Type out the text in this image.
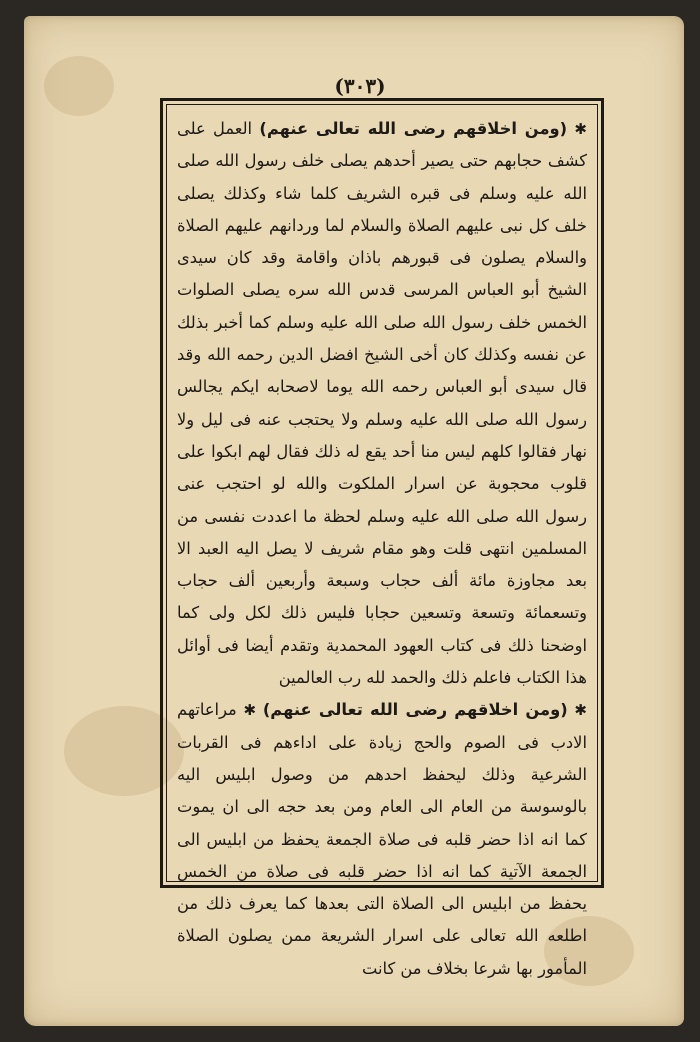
(۳۰۳)

✱ (ومن اخلاقهم رضى الله تعالى عنهم) العمل على كشف حجابهم حتى يصير أحدهم يصلى خلف رسول الله صلى الله عليه وسلم فى قبره الشريف كلما شاء وكذلك يصلى خلف كل نبى عليهم الصلاة والسلام لما وردانهم عليهم الصلاة والسلام يصلون فى قبورهم باذان واقامة وقد كان سيدى الشيخ أبو العباس المرسى قدس الله سره يصلى الصلوات الخمس خلف رسول الله صلى الله عليه وسلم كما أخبر بذلك عن نفسه وكذلك كان أخى الشيخ افضل الدين رحمه الله وقد قال سيدى أبو العباس رحمه الله يوما لاصحابه ايكم يجالس رسول الله صلى الله عليه وسلم ولا يحتجب عنه فى ليل ولا نهار فقالوا كلهم ليس منا أحد يقع له ذلك فقال لهم ابكوا على قلوب محجوبة عن اسرار الملكوت والله لو احتجب عنى رسول الله صلى الله عليه وسلم لحظة ما اعددت نفسى من المسلمين انتهى قلت وهو مقام شريف لا يصل اليه العبد الا بعد مجاوزة مائة ألف حجاب وسبعة وأربعين ألف حجاب وتسعمائة وتسعة وتسعين حجابا فليس ذلك لكل ولى كما اوضحنا ذلك فى كتاب العهود المحمدية وتقدم أيضا فى أوائل هذا الكتاب فاعلم ذلك والحمد لله رب العالمين

✱ (ومن اخلاقهم رضى الله تعالى عنهم) ✱ مراعاتهم الادب فى الصوم والحج زيادة على اداءهم فى القربات الشرعية وذلك ليحفظ احدهم من وصول ابليس اليه بالوسوسة من العام الى العام ومن بعد حجه الى ان يموت كما انه اذا حضر قلبه فى صلاة الجمعة يحفظ من ابليس الى الجمعة الآتية كما انه اذا حضر قلبه فى صلاة من الخمس يحفظ من ابليس الى الصلاة التى بعدها كما يعرف ذلك من اطلعه الله تعالى على اسرار الشريعة ممن يصلون الصلاة المأمور بها شرعا بخلاف من كانت
